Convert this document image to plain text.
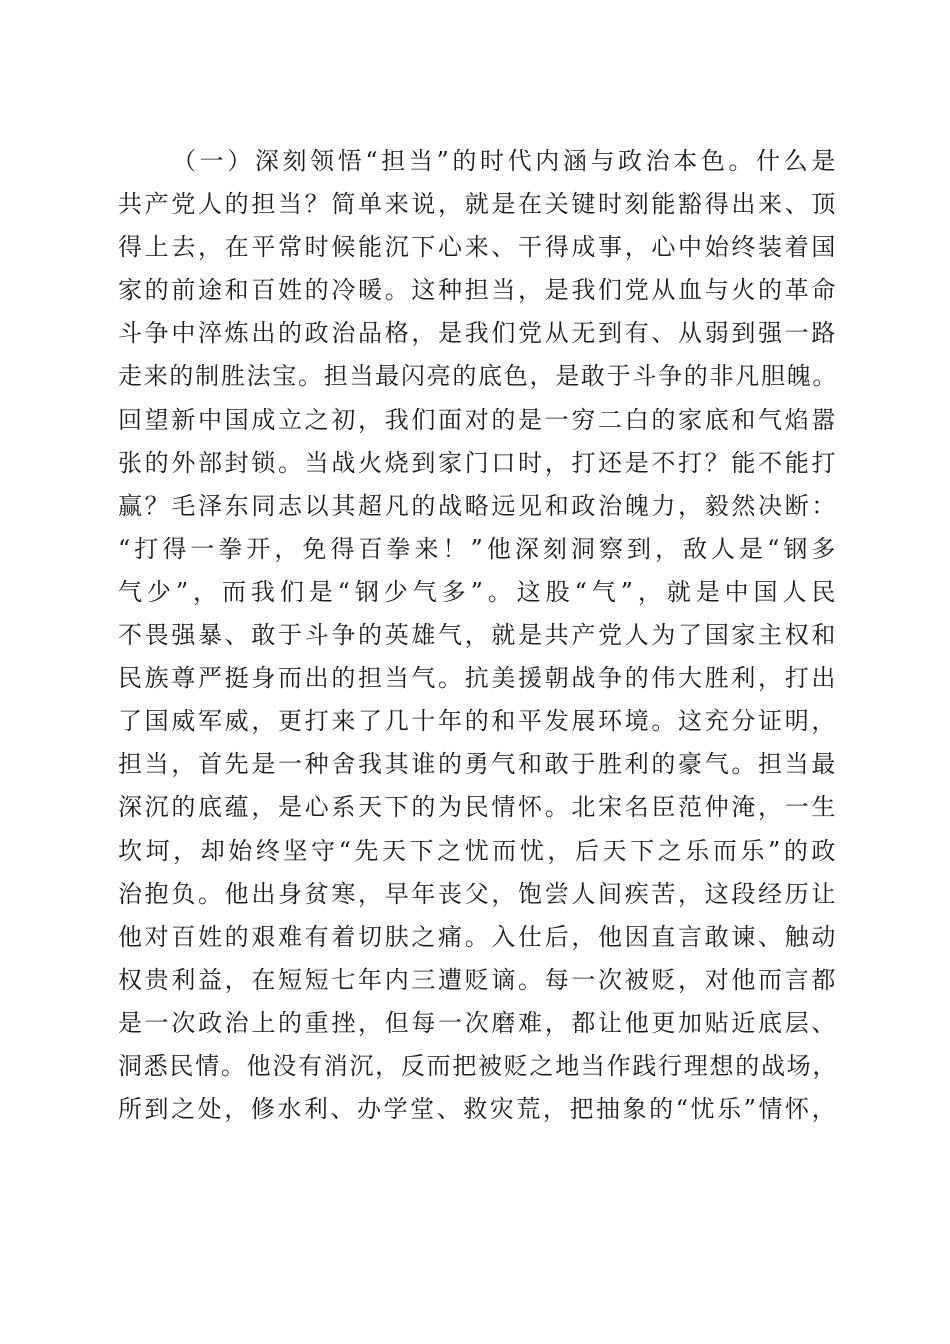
（一）深刻领悟“担当”的时代内涵与政治本色。什么是
共产党人的担当？简单来说，就是在关键时刻能豁得出来、顶
得上去，在平常时候能沉下心来、干得成事，心中始终装着国
家的前途和百姓的冷暖。这种担当，是我们党从血与火的革命
斗争中淬炼出的政治品格，是我们党从无到有、从弱到强一路
走来的制胜法宝。担当最闪亮的底色，是敢于斗争的非凡胆魄。
回望新中国成立之初，我们面对的是一穷二白的家底和气焰嚣
张的外部封锁。当战火烧到家门口时，打还是不打？能不能打
赢？毛泽东同志以其超凡的战略远见和政治魄力，毅然决断：
“打得一拳开，免得百拳来！”他深刻洞察到，敌人是“钢多
气少”，而我们是“钢少气多”。这股“气”，就是中国人民
不畏强暴、敢于斗争的英雄气，就是共产党人为了国家主权和
民族尊严挺身而出的担当气。抗美援朝战争的伟大胜利，打出
了国威军威，更打来了几十年的和平发展环境。这充分证明，
担当，首先是一种舍我其谁的勇气和敢于胜利的豪气。担当最
深沉的底蕴，是心系天下的为民情怀。北宋名臣范仲淹，一生
坎坷，却始终坚守“先天下之忧而忧，后天下之乐而乐”的政
治抱负。他出身贫寒，早年丧父，饱尝人间疾苦，这段经历让
他对百姓的艰难有着切肤之痛。入仕后，他因直言敢谏、触动
权贵利益，在短短七年内三遭贬谪。每一次被贬，对他而言都
是一次政治上的重挫，但每一次磨难，都让他更加贴近底层、
洞悉民情。他没有消沉，反而把被贬之地当作践行理想的战场，
所到之处，修水利、办学堂、救灾荒，把抽象的“忧乐”情怀，
